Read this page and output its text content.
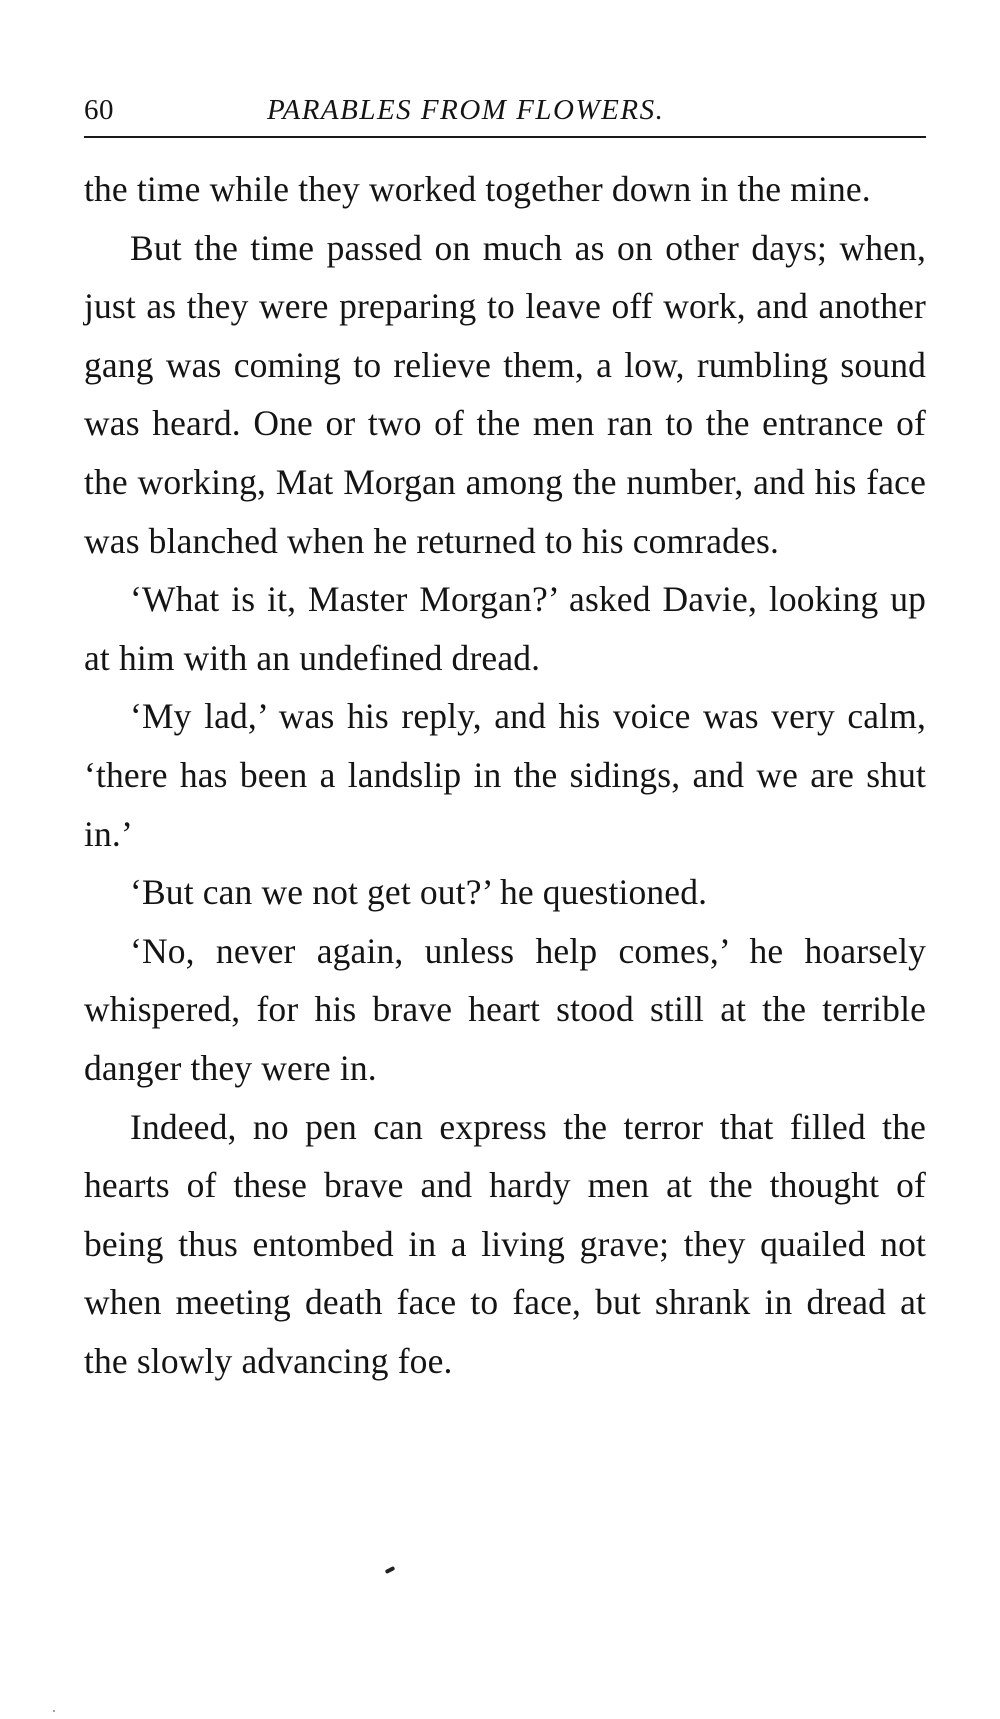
60	PARABLES FROM FLOWERS.

the time while they worked together down in the mine.

But the time passed on much as on other days; when, just as they were preparing to leave off work, and another gang was coming to relieve them, a low, rumbling sound was heard. One or two of the men ran to the entrance of the working, Mat Morgan among the number, and his face was blanched when he returned to his comrades.

‘What is it, Master Morgan?’ asked Davie, looking up at him with an undefined dread.

‘My lad,’ was his reply, and his voice was very calm, ‘there has been a landslip in the sidings, and we are shut in.’

‘But can we not get out?’ he questioned.

‘No, never again, unless help comes,’ he hoarsely whispered, for his brave heart stood still at the terrible danger they were in.

Indeed, no pen can express the terror that filled the hearts of these brave and hardy men at the thought of being thus entombed in a living grave; they quailed not when meeting death face to face, but shrank in dread at the slowly advancing foe.
